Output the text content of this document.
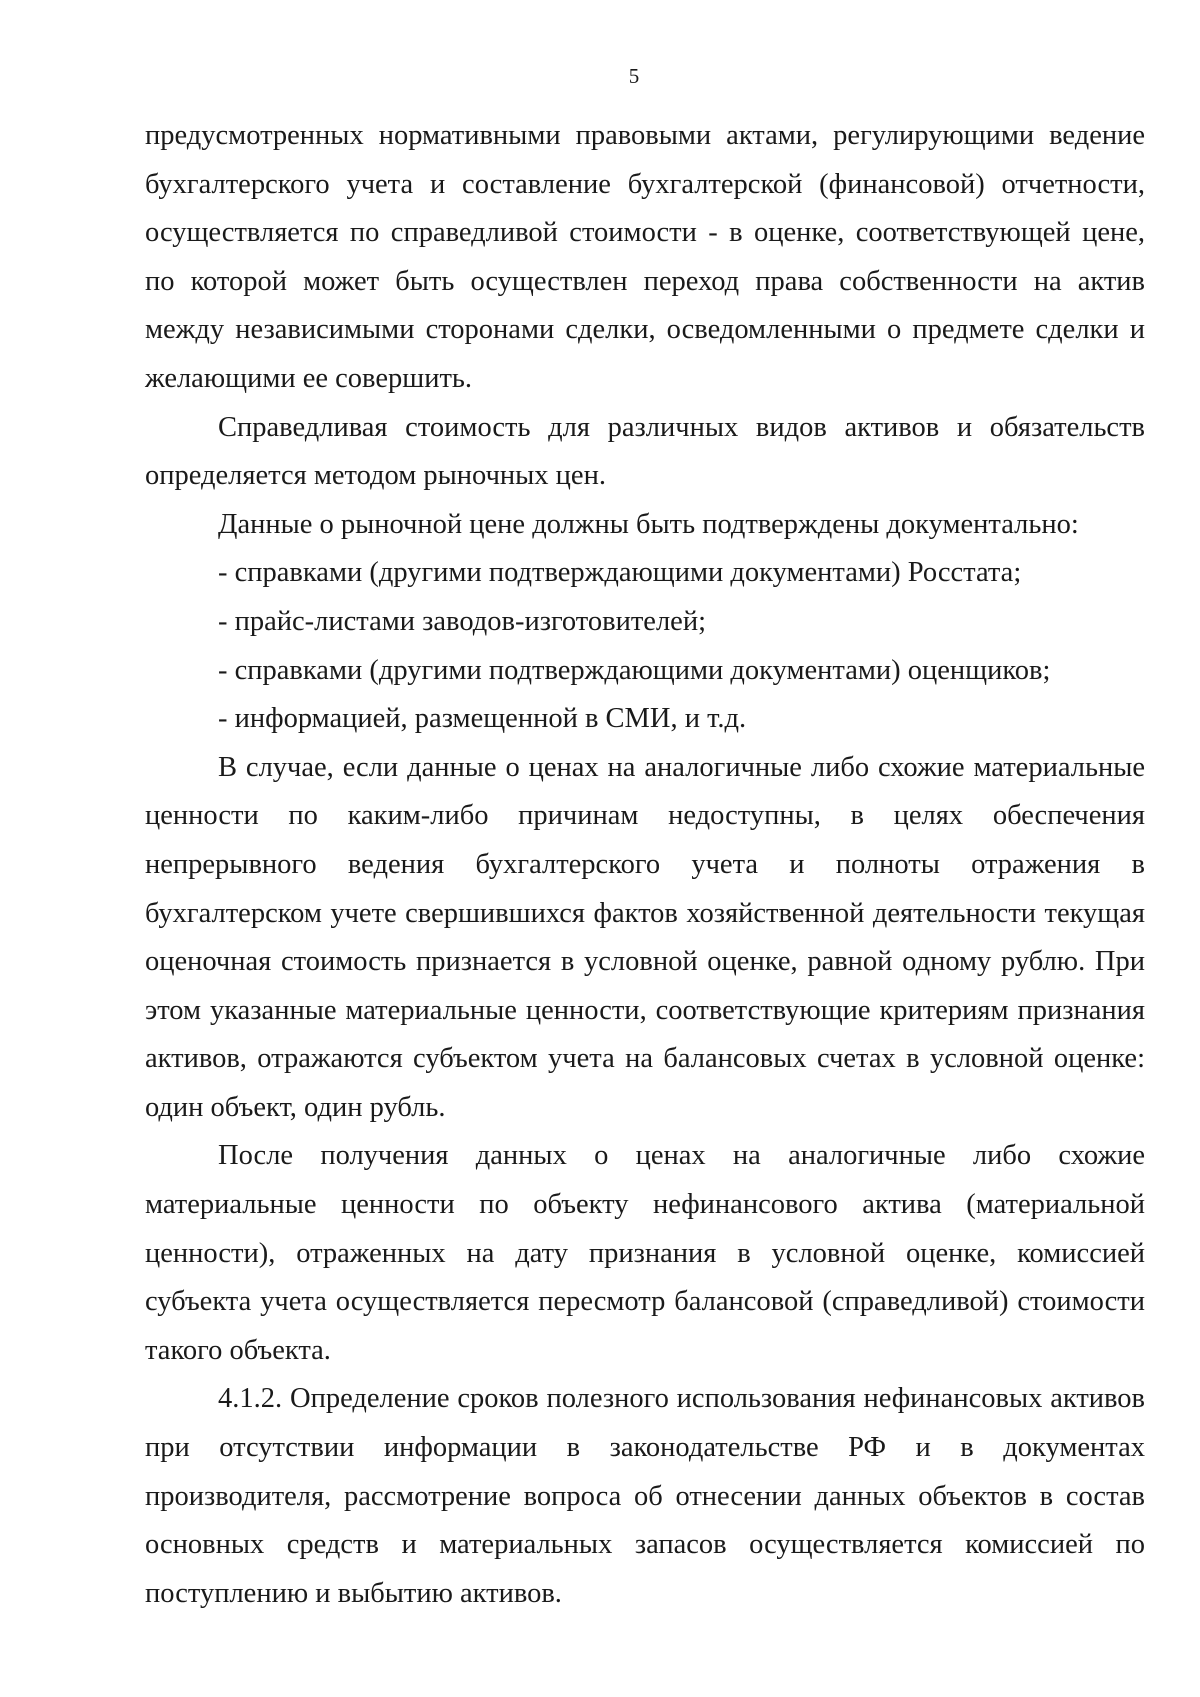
5

предусмотренных нормативными правовыми актами, регулирующими ведение бухгалтерского учета и составление бухгалтерской (финансовой) отчетности, осуществляется по справедливой стоимости - в оценке, соответствующей цене, по которой может быть осуществлен переход права собственности на актив между независимыми сторонами сделки, осведомленными о предмете сделки и желающими ее совершить.

Справедливая стоимость для различных видов активов и обязательств определяется методом рыночных цен.

Данные о рыночной цене должны быть подтверждены документально:

- справками (другими подтверждающими документами) Росстата;

- прайс-листами заводов-изготовителей;

- справками (другими подтверждающими документами) оценщиков;

- информацией, размещенной в СМИ, и т.д.

В случае, если данные о ценах на аналогичные либо схожие материальные ценности по каким-либо причинам недоступны, в целях обеспечения непрерывного ведения бухгалтерского учета и полноты отражения в бухгалтерском учете свершившихся фактов хозяйственной деятельности текущая оценочная стоимость признается в условной оценке, равной одному рублю. При этом указанные материальные ценности, соответствующие критериям признания активов, отражаются субъектом учета на балансовых счетах в условной оценке: один объект, один рубль.

После получения данных о ценах на аналогичные либо схожие материальные ценности по объекту нефинансового актива (материальной ценности), отраженных на дату признания в условной оценке, комиссией субъекта учета осуществляется пересмотр балансовой (справедливой) стоимости такого объекта.

4.1.2. Определение сроков полезного использования нефинансовых активов при отсутствии информации в законодательстве РФ и в документах производителя, рассмотрение вопроса об отнесении данных объектов в состав основных средств и материальных запасов осуществляется комиссией по поступлению и выбытию активов.
